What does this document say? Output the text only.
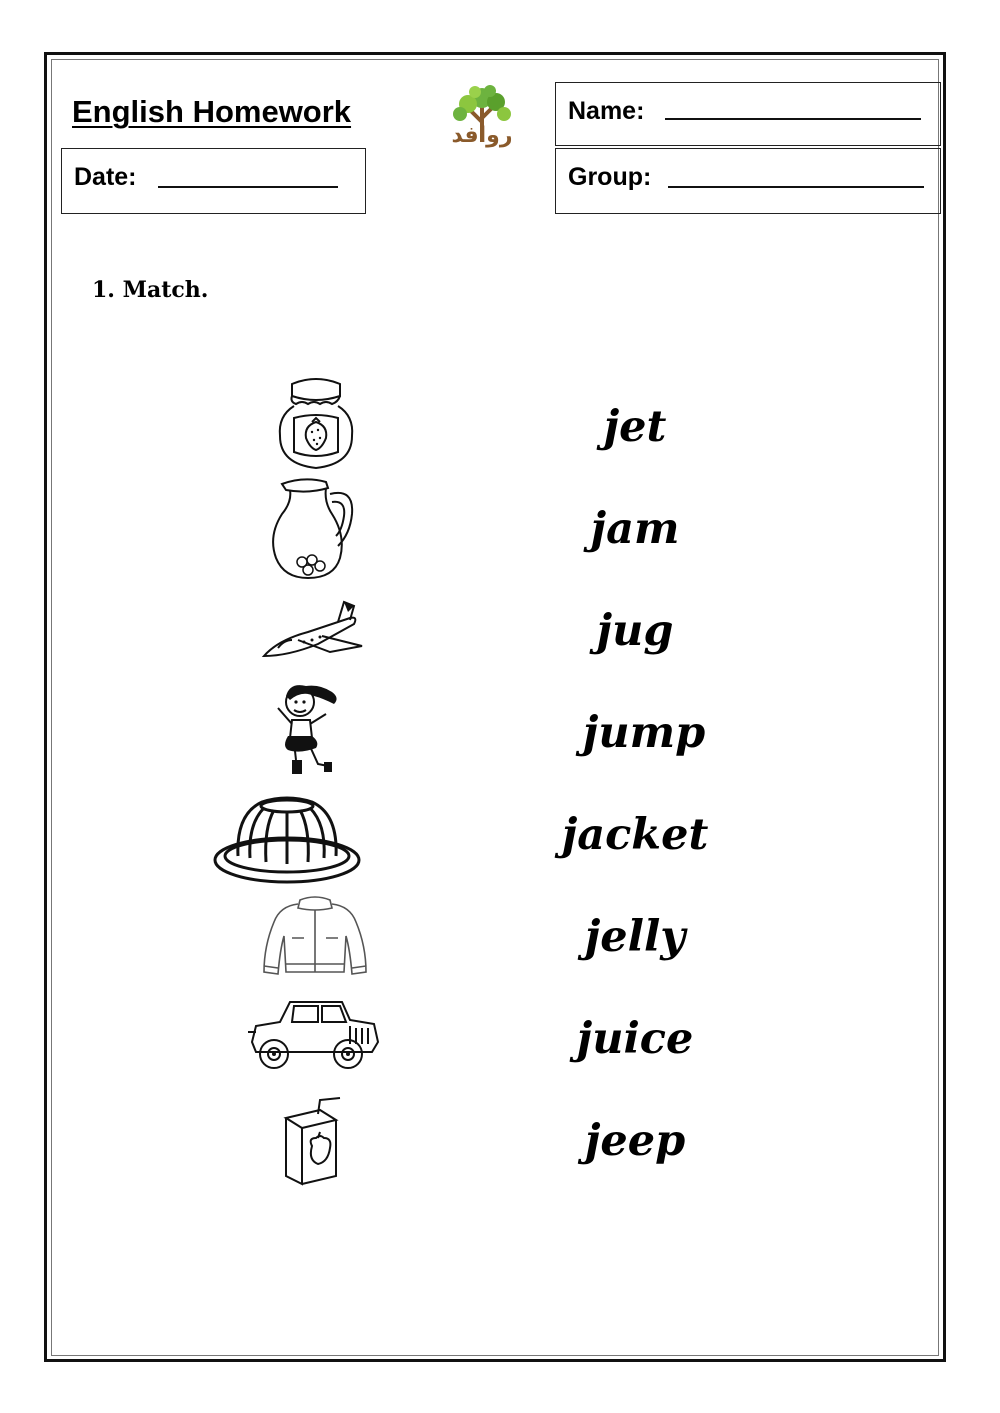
English Homework
روافد
Name:
Date:	Group:
1. Match.
jet
jam
jug
jump
jacket
jelly
juice
jeep
